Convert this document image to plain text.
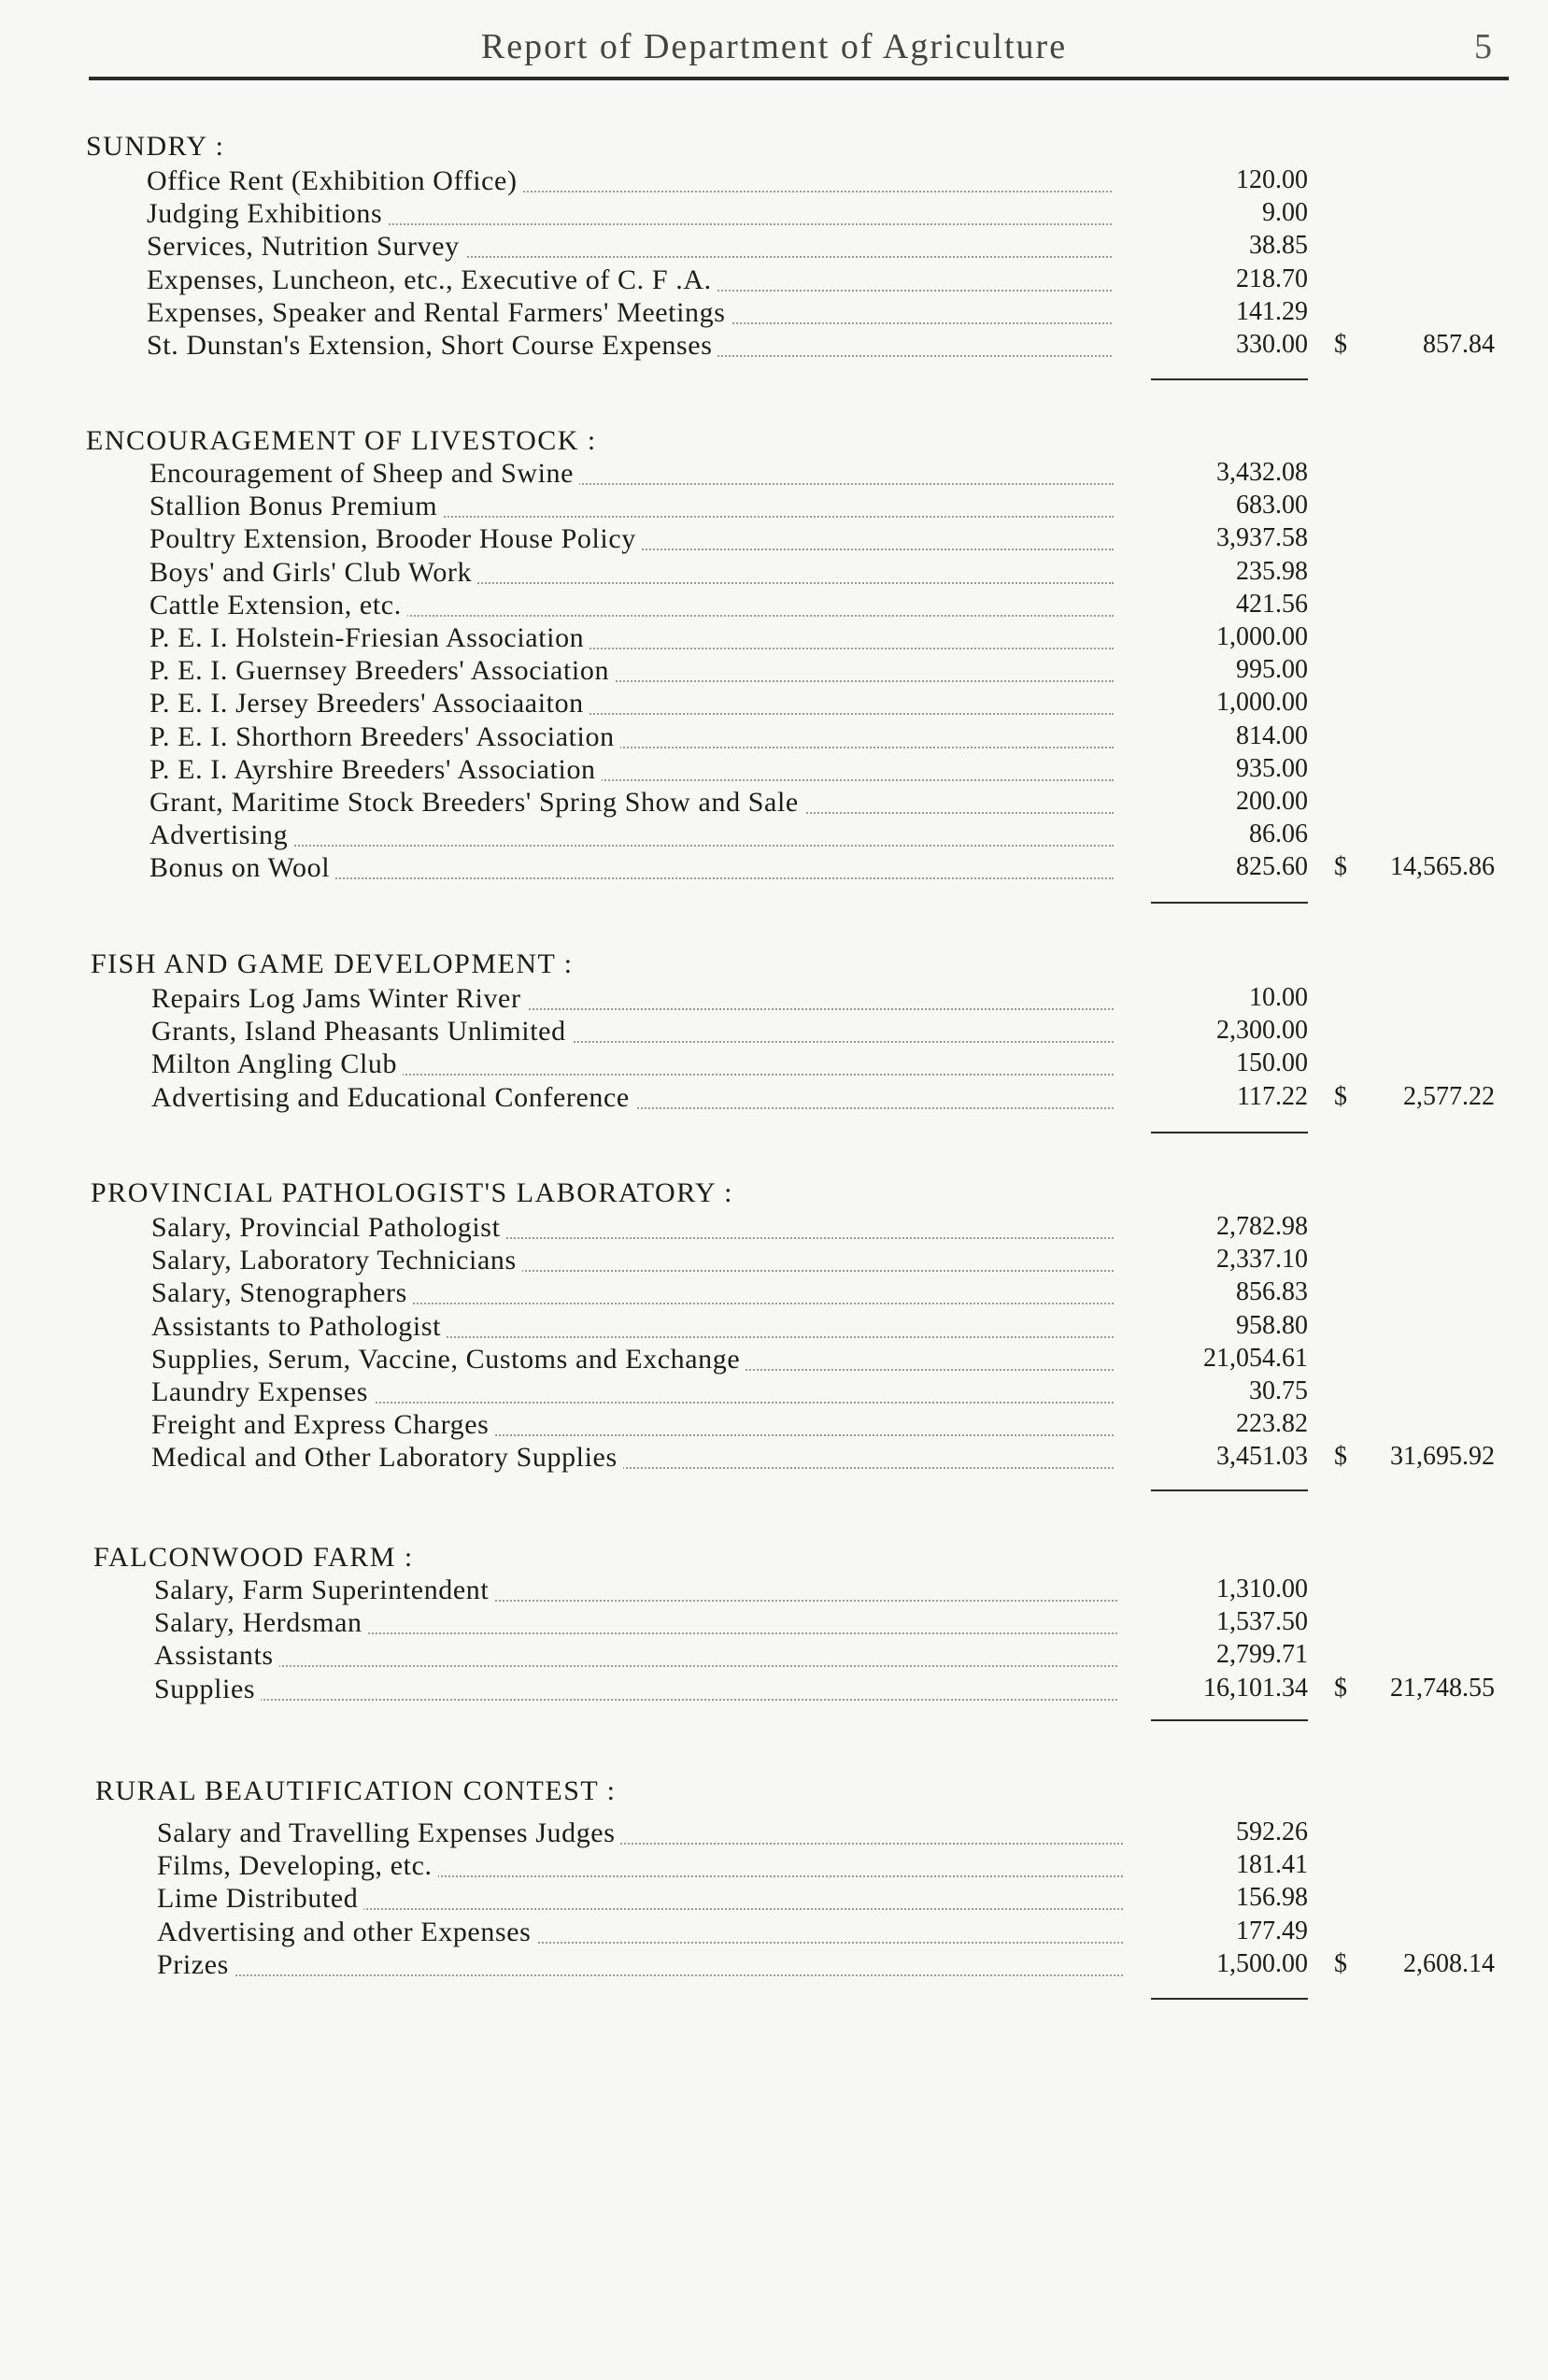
Report of Department of Agriculture	5
SUNDRY :
Office Rent (Exhibition Office)	120.00
Judging Exhibitions	9.00
Services, Nutrition Survey	38.85
Expenses, Luncheon, etc., Executive of C. F .A.	218.70
Expenses, Speaker and Rental Farmers' Meetings	141.29
St. Dunstan's Extension, Short Course Expenses	330.00 $	857.84
ENCOURAGEMENT OF LIVESTOCK :
Encouragement of Sheep and Swine	3,432.08
Stallion Bonus Premium	683.00
Poultry Extension, Brooder House Policy	3,937.58
Boys' and Girls' Club Work	235.98
Cattle Extension, etc.	421.56
P. E. I. Holstein-Friesian Association	1,000.00
P. E. I. Guernsey Breeders' Association	995.00
P. E. I. Jersey Breeders' Associaaiton	1,000.00
P. E. I. Shorthorn Breeders' Association	814.00
P. E. I. Ayrshire Breeders' Association	935.00
Grant, Maritime Stock Breeders' Spring Show and Sale	200.00
Advertising	86.06
Bonus on Wool	825.60 $	14,565.86
FISH AND GAME DEVELOPMENT :
Repairs Log Jams Winter River	10.00
Grants, Island Pheasants Unlimited	2,300.00
Milton Angling Club	150.00
Advertising and Educational Conference	117.22 $	2,577.22
PROVINCIAL PATHOLOGIST'S LABORATORY :
Salary, Provincial Pathologist	2,782.98
Salary, Laboratory Technicians	2,337.10
Salary, Stenographers	856.83
Assistants to Pathologist	958.80
Supplies, Serum, Vaccine, Customs and Exchange	21,054.61
Laundry Expenses	30.75
Freight and Express Charges	223.82
Medical and Other Laboratory Supplies	3,451.03 $	31,695.92
FALCONWOOD FARM :
Salary, Farm Superintendent	1,310.00
Salary, Herdsman	1,537.50
Assistants	2,799.71
Supplies	16,101.34 $	21,748.55
RURAL BEAUTIFICATION CONTEST :
Salary and Travelling Expenses Judges	592.26
Films, Developing, etc.	181.41
Lime Distributed	156.98
Advertising and other Expenses	177.49
Prizes	1,500.00 $	2,608.14
